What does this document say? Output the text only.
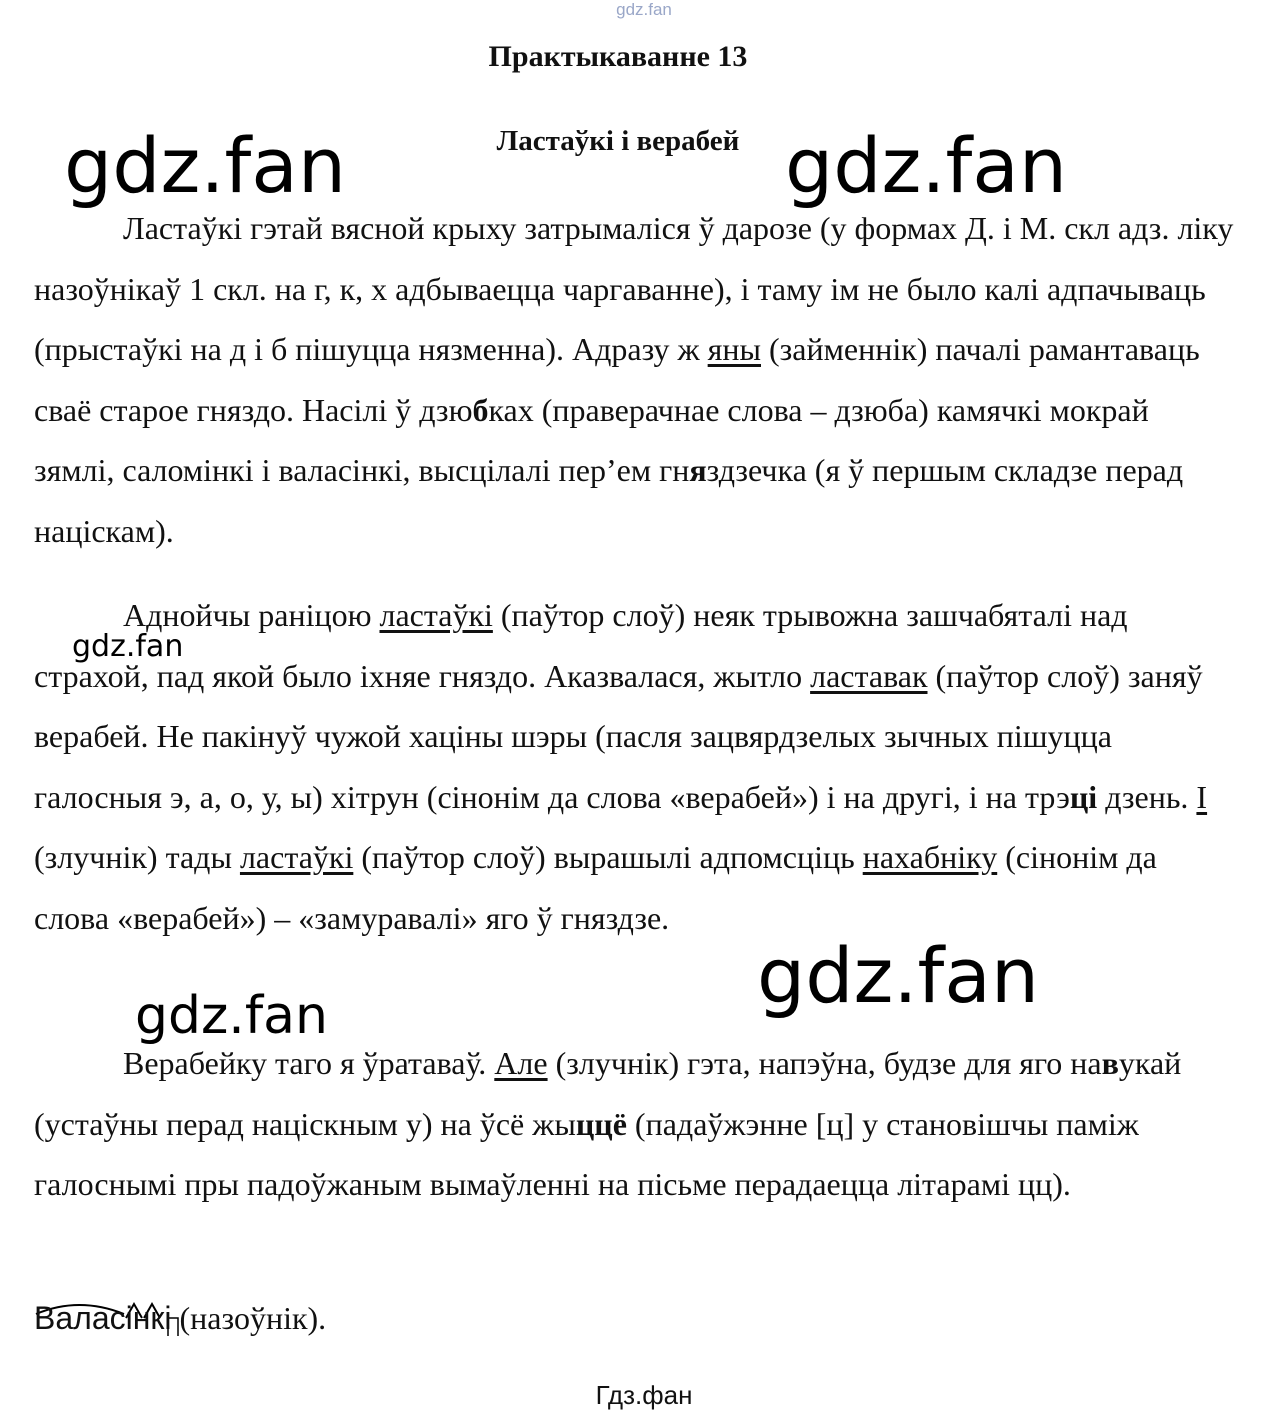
gdz.fan
Практыкаванне 13
Ластаўкі і верабей

Ластаўкі гэтай вясной крыху затрымаліся ў дарозе (у формах Д. і М. скл адз. ліку назоўнікаў 1 скл. на г, к, х адбываецца чаргаванне), і таму ім не было калі адпачываць (прыстаўкі на д і б пішуцца нязменна). Адразу ж яны (займеннік) пачалі рамантаваць сваё старое гняздо. Насілі ў дзюбках (праверачнае слова – дзюба) камячкі мокрай зямлі, саломінкі і валасінкі, высцілалі пер’ем гняздзечка (я ў першым складзе перад націскам).

Аднойчы раніцою ластаўкі (паўтор слоў) неяк трывожна зашчабяталі над страхой, пад якой было іхняе гняздо. Аказвалася, жытло ластавак (паўтор слоў) заняў верабей. Не пакінуў чужой хаціны шэры (пасля зацвярдзелых зычных пішуцца галосныя э, а, о, у, ы) хітрун (сінонім да слова «верабей») і на другі, і на трэці дзень. І (злучнік) тады ластаўкі (паўтор слоў) вырашылі адпомсціць нахабніку (сінонім да слова «верабей») – «замуравалі» яго ў гняздзе.

Верабейку таго я ўратаваў. Але (злучнік) гэта, напэўна, будзе для яго навукай (устаўны перад націскным у) на ўсё жыццё (падаўжэнне [ц] у становішчы паміж галоснымі пры падоўжаным вымаўленні на пісьме перадаецца літарамі цц).

Валасінкі (назоўнік).
gdz.fan	gdz.fan
gdz.fan
gdz.fan
gdz.fan
Гдз.фан
